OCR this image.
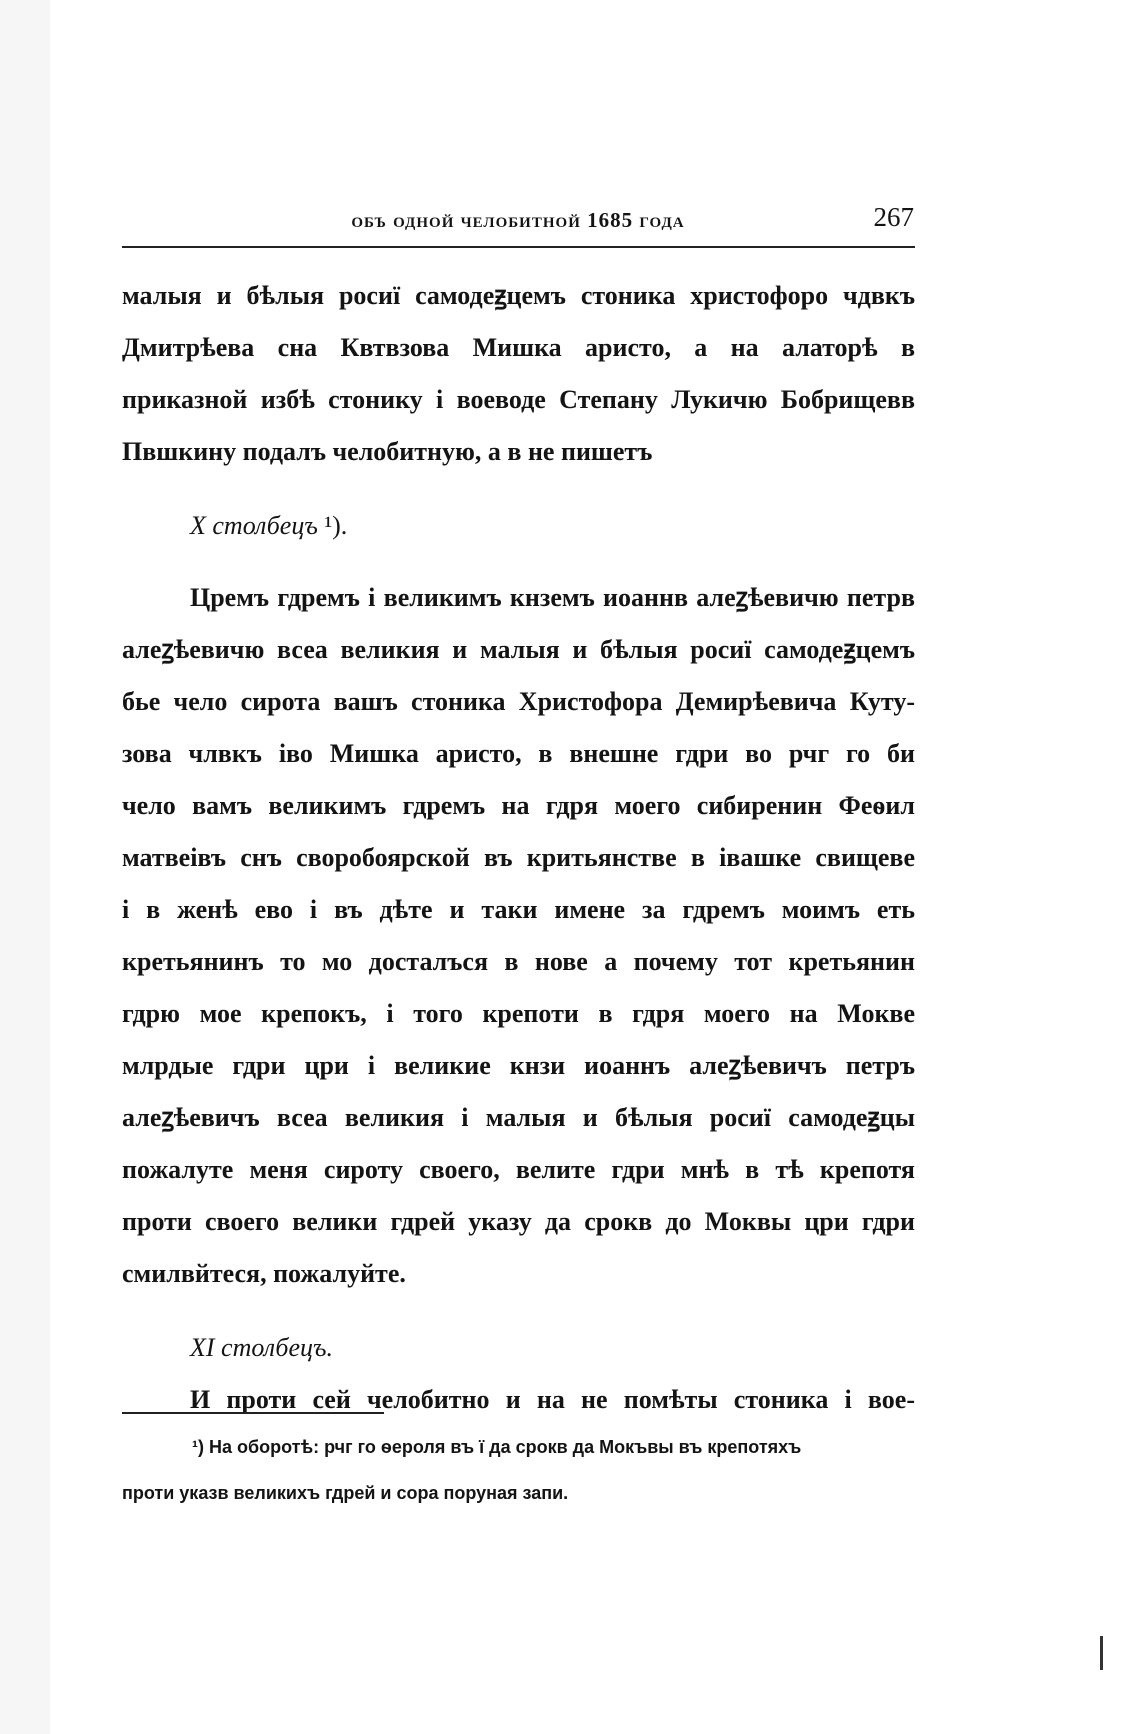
объ одной челобитной 1685 года	267
малыя и бѣлыя росиї самодеꙃцемъ стоника христофоро чдвкъ
Дмитрѣева сна Квтвзова Мишка аристо, а на алаторѣ в
приказной избѣ стонику і воеводе Степану Лукичю Бобрищевв
Пвшкину подалъ челобитную, а в не пишетъ
X столбецъ ¹).
Цремъ гдремъ і великимъ кнземъ иоаннв алеꙁѣевичю петрв
алеꙁѣевичю всеа великия и малыя и бѣлыя росиї самодеꙃцемъ
бье чело сирота вашъ стоника Христофора Демирѣевича Куту-
зова члвкъ іво Мишка аристо, в внешне гдри во рчг го би
чело вамъ великимъ гдремъ на гдря моего сибиренин Феѳил
матвеівъ снъ своробоярской въ критьянстве в івашке свищеве
і в женѣ ево і въ дѣте и таки имене за гдремъ моимъ еть
кретьянинъ то мо досталъся в нове а почему тот кретьянин
гдрю мое крепокъ, і того крепоти в гдря моего на Мокве
млрдые гдри цри і великие кнзи иоаннъ алеꙁѣевичъ петръ
алеꙁѣевичъ всеа великия і малыя и бѣлыя росиї самодеꙃцы
пожалуте меня сироту своего, велите гдри мнѣ в тѣ крепотя
проти своего велики гдрей указу да срокв до Моквы цри гдри
смилвйтеся, пожалуйте.
XI столбецъ.
И проти сей челобитно и на не помѣты стоника і вое-
¹) На оборотѣ: рчг го ѳероля въ ї да срокв да Мокъвы въ крепотяхъ
проти указв великихъ гдрей и сора поруная запи.
